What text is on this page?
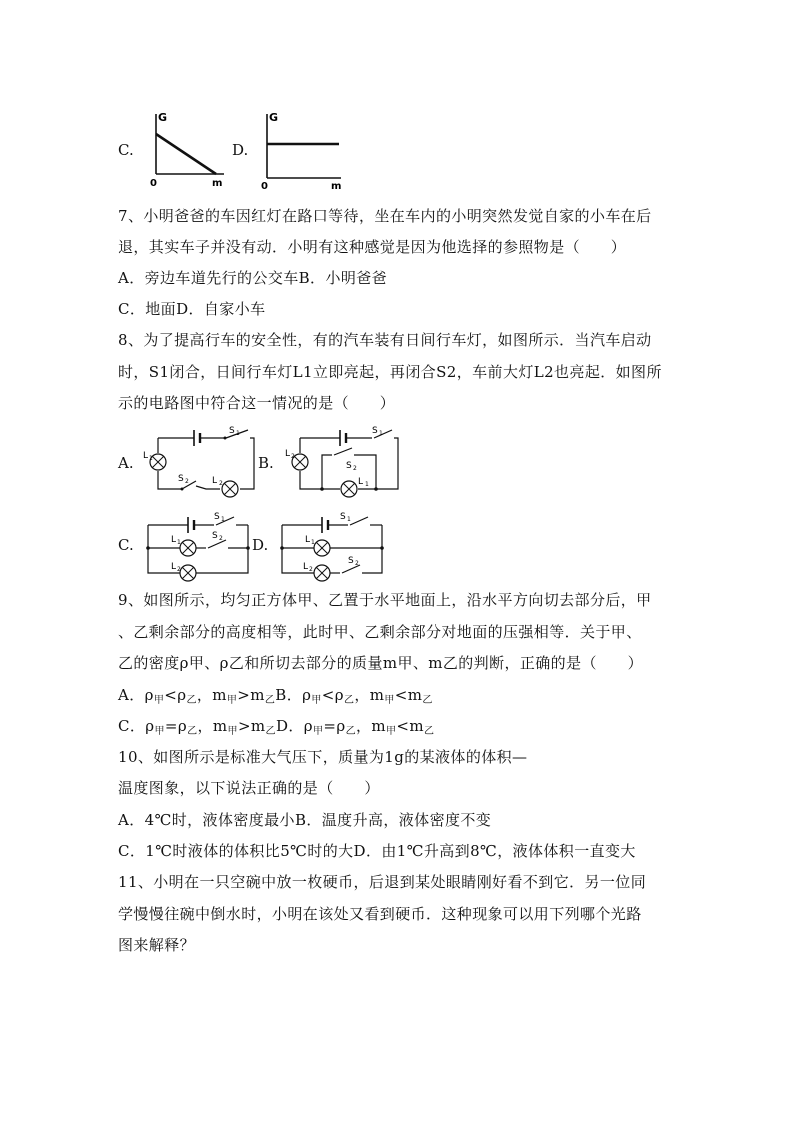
C.
G
0	m
D.
G
0	m
7、小明爸爸的车因红灯在路口等待，坐在车内的小明突然发觉自家的小车在后
退，其实车子并没有动．小明有这种感觉是因为他选择的参照物是（　　）
A．旁边车道先行的公交车B．小明爸爸
C．地面D．自家小车
8、为了提高行车的安全性，有的汽车装有日间行车灯，如图所示．当汽车启动
时，S1闭合，日间行车灯L1立即亮起，再闭合S2，车前大灯L2也亮起．如图所
示的电路图中符合这一情况的是（　　）
A.
S 1
L 1
S 2	L 2
B.
S 1
L 2
S 2
L 1
C.
S 1
L 1
S 2
L 2
D.
S 1
L 1
L 2
S 2
9、如图所示，均匀正方体甲、乙置于水平地面上，沿水平方向切去部分后，甲
、乙剩余部分的高度相等，此时甲、乙剩余部分对地面的压强相等．关于甲、
乙的密度ρ甲、ρ乙和所切去部分的质量m甲、m乙的判断，正确的是（　　）
A．$\rho_甲<\rho_乙$，$m_甲>m_乙B$．$\rho_甲<\rho_乙$，$m_甲<m_乙$
C．$\rho_甲=\rho_乙$，$m_甲>m_乙D$．$\rho_甲=\rho_乙$，$m_甲<m_乙$
10、如图所示是标准大气压下，质量为1g的某液体的体积—
温度图象，以下说法正确的是（　　）
A．4℃时，液体密度最小B．温度升高，液体密度不变
C．1℃时液体的体积比5℃时的大D．由1℃升高到8℃，液体体积一直变大
11、小明在一只空碗中放一枚硬币，后退到某处眼睛刚好看不到它．另一位同
学慢慢往碗中倒水时，小明在该处又看到硬币．这种现象可以用下列哪个光路
图来解释？
